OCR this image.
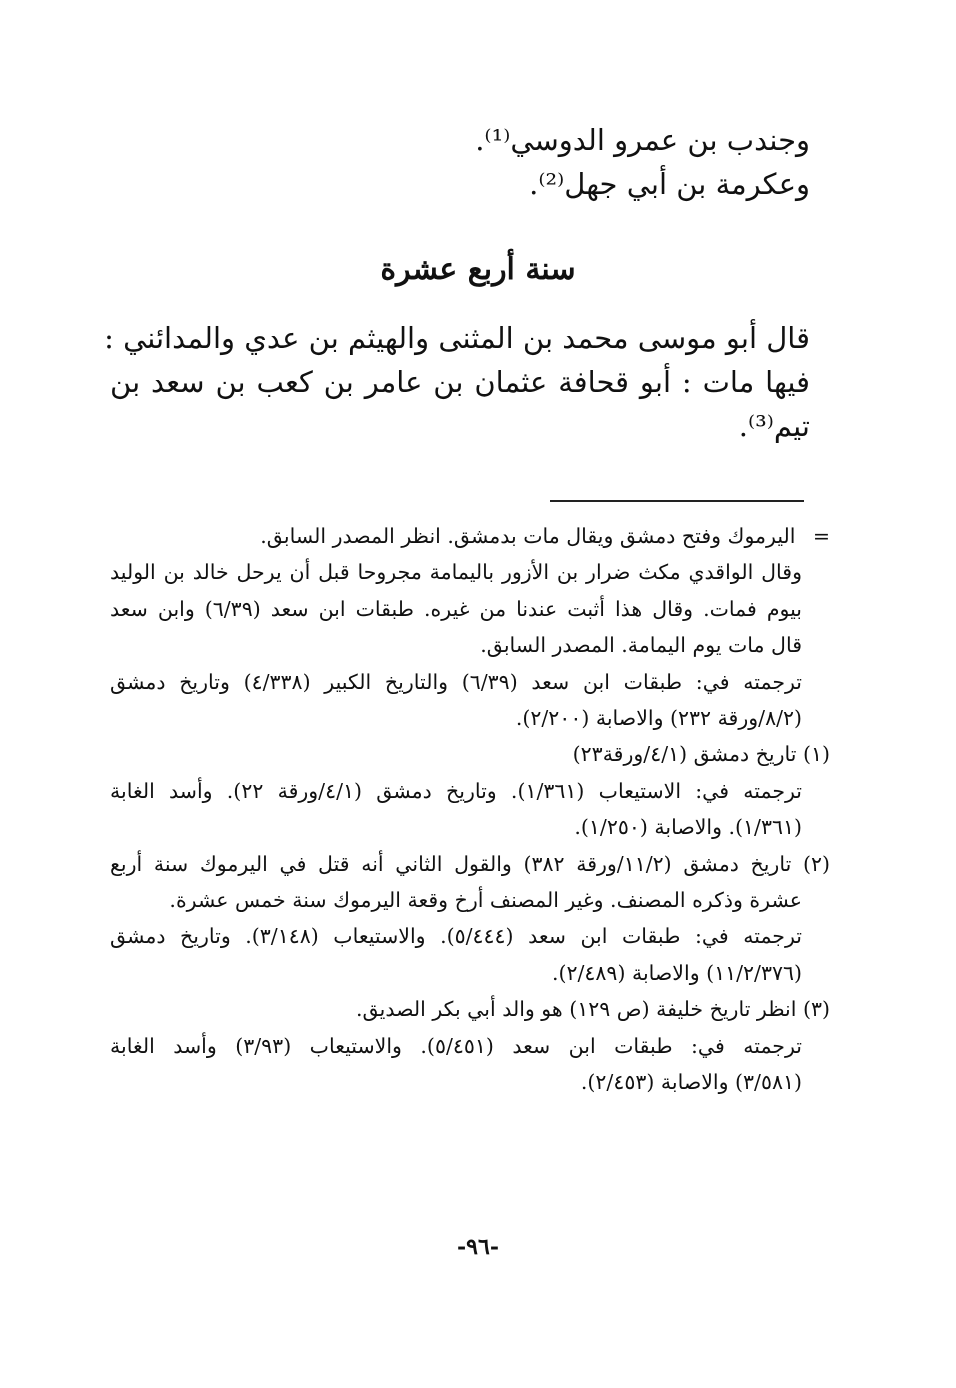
وجندب بن عمرو الدوسي⁽¹⁾.
وعكرمة بن أبي جهل⁽²⁾.
سنة أربع عشرة
قال أبو موسى محمد بن المثنى والهيثم بن عدي والمدائني :
فيها مات : أبو قحافة عثمان بن عامر بن كعب بن سعد بن
تيم⁽³⁾.
= اليرموك وفتح دمشق ويقال مات بدمشق. انظر المصدر السابق.
وقال الواقدي مكث ضرار بن الأزور باليمامة مجروحا قبل أن يرحل خالد بن الوليد
بيوم فمات. وقال هذا أثبت عندنا من غيره. طبقات ابن سعد (٦/٣٩) وابن سعد
قال مات يوم اليمامة. المصدر السابق.
ترجمته في: طبقات ابن سعد (٦/٣٩) والتاريخ الكبير (٤/٣٣٨) وتاريخ دمشق
(٨/٢/ورقة ٢٣٢) والاصابة (٢/٢٠٠).
(١) تاريخ دمشق (٤/١/ورقة٢٣)
ترجمته في: الاستيعاب (١/٣٦١). وتاريخ دمشق (٤/١/ورقة ٢٢). وأسد الغابة
(١/٣٦١). والاصابة (١/٢٥٠).
(٢) تاريخ دمشق (١١/٢/ورقة ٣٨٢) والقول الثاني أنه قتل في اليرموك سنة أربع
عشرة وذكره المصنف. وغير المصنف أرخ وقعة اليرموك سنة خمس عشرة.
ترجمته في: طبقات ابن سعد (٥/٤٤٤). والاستيعاب (٣/١٤٨). وتاريخ دمشق
(١١/٢/٣٧٦) والاصابة (٢/٤٨٩).
(٣) انظر تاريخ خليفة (ص ١٢٩) هو والد أبي بكر الصديق.
ترجمته في: طبقات ابن سعد (٥/٤٥١). والاستيعاب (٣/٩٣) وأسد الغابة
(٣/٥٨١) والاصابة (٢/٤٥٣).
-٩٦-
